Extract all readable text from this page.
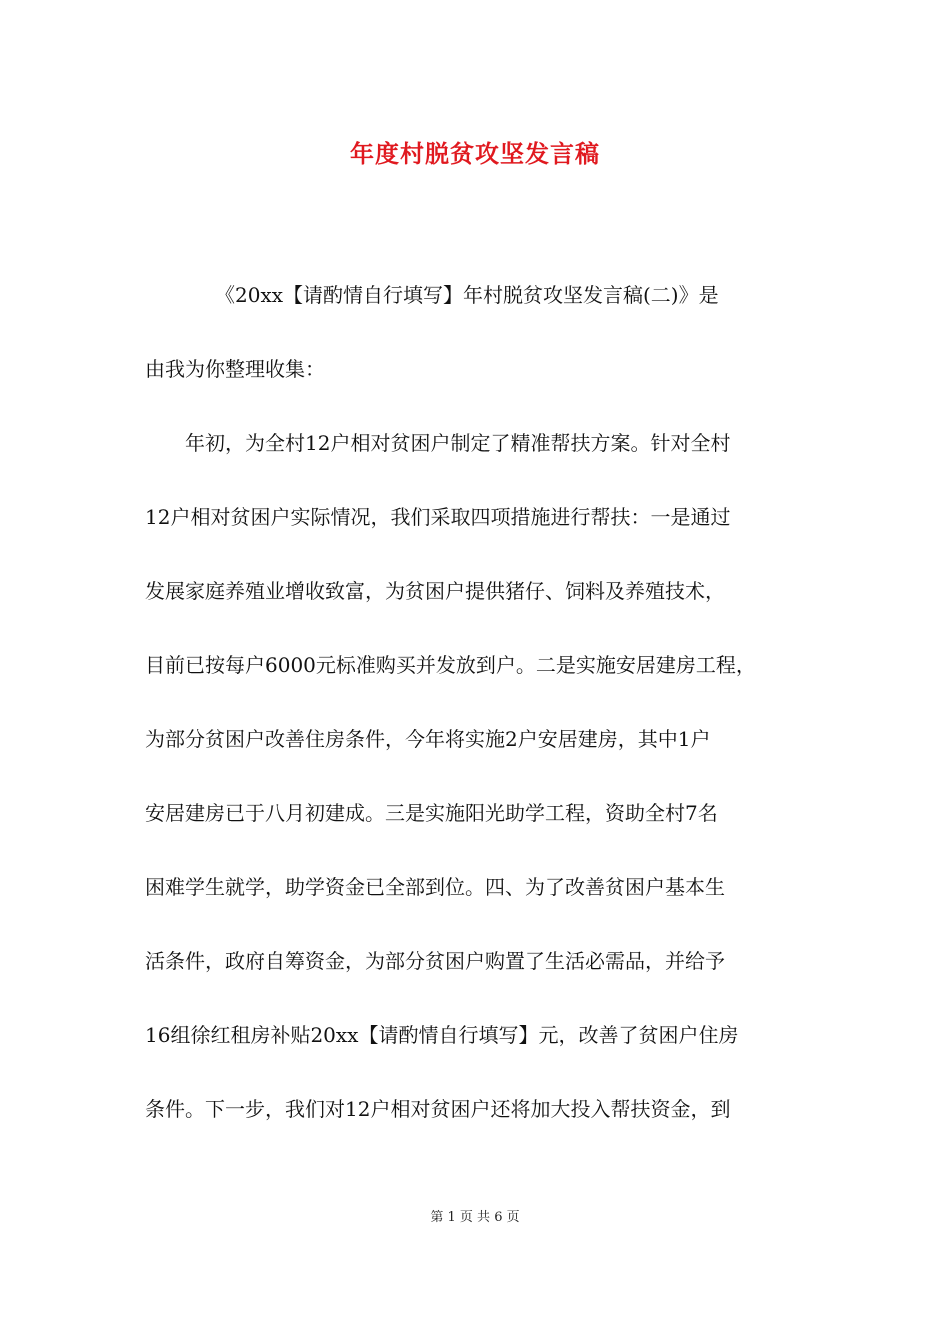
年度村脱贫攻坚发言稿
　　　　《20xx【请酌情自行填写】年村脱贫攻坚发言稿(二)》是
由我为你整理收集：
　　年初，为全村12户相对贫困户制定了精准帮扶方案。针对全村
12户相对贫困户实际情况，我们采取四项措施进行帮扶：一是通过
发展家庭养殖业增收致富，为贫困户提供猪仔、饲料及养殖技术，
目前已按每户6000元标准购买并发放到户。二是实施安居建房工程，
为部分贫困户改善住房条件，今年将实施2户安居建房，其中1户
安居建房已于八月初建成。三是实施阳光助学工程，资助全村7名
困难学生就学，助学资金已全部到位。四、为了改善贫困户基本生
活条件，政府自筹资金，为部分贫困户购置了生活必需品，并给予
16组徐红租房补贴20xx【请酌情自行填写】元，改善了贫困户住房
条件。下一步，我们对12户相对贫困户还将加大投入帮扶资金，到
第 1 页 共 6 页
